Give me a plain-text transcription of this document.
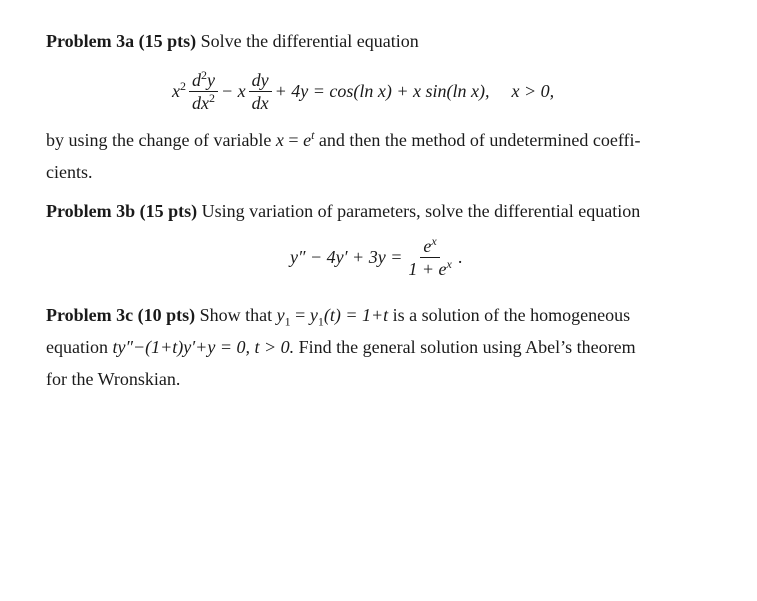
Problem 3a (15 pts) Solve the differential equation
$x^2 \frac{d^2y}{dx^2} - x \frac{dy}{dx} + 4y = \cos(\ln$ x) + x sin(ln x), x > 0,
by using the change of variable $x = e^t$ and then the method of undetermined coeffi-
cients.
Problem 3b (15 pts) Using variation of parameters, solve the differential equation
$y'' - 4y' + 3y = \frac{e^x}{1 + e^x}$ .
Problem 3c (10 pts) Show that $y_1 = y_1(t) = 1+t$ is a solution of the homogeneous
equation ty″−(1+t)y′+y = 0, t > 0. Find the general solution using Abel’s theorem
for the Wronskian.
